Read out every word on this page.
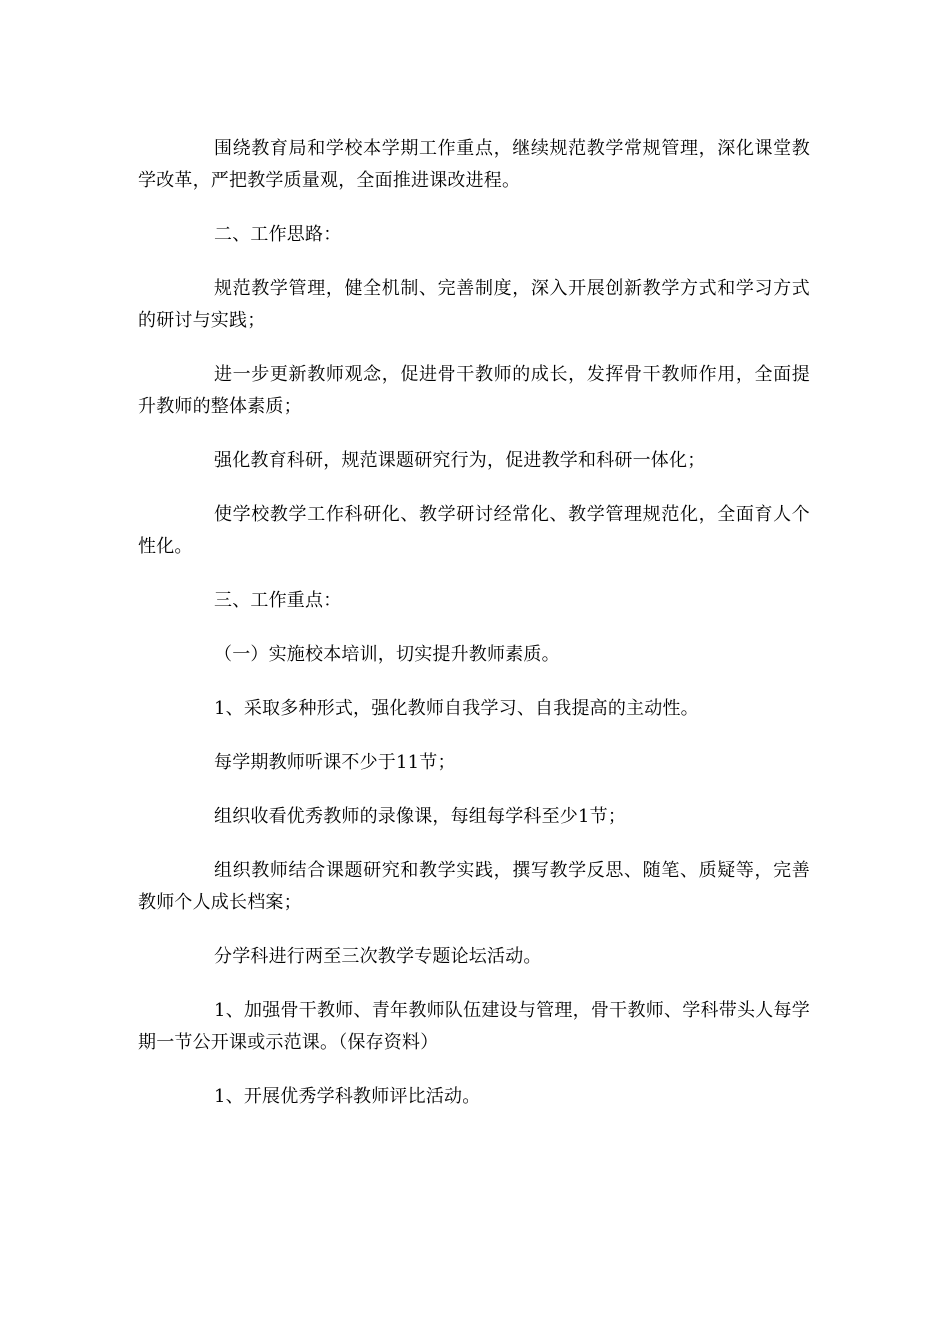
围绕教育局和学校本学期工作重点，继续规范教学常规管理，深化课堂教学改革，严把教学质量观，全面推进课改进程。

二、工作思路：

规范教学管理，健全机制、完善制度，深入开展创新教学方式和学习方式的研讨与实践；

进一步更新教师观念，促进骨干教师的成长，发挥骨干教师作用，全面提升教师的整体素质；

强化教育科研，规范课题研究行为，促进教学和科研一体化；

使学校教学工作科研化、教学研讨经常化、教学管理规范化，全面育人个性化。

三、工作重点：

（一）实施校本培训，切实提升教师素质。

1、采取多种形式，强化教师自我学习、自我提高的主动性。

每学期教师听课不少于11节；

组织收看优秀教师的录像课，每组每学科至少1节；

组织教师结合课题研究和教学实践，撰写教学反思、随笔、质疑等，完善教师个人成长档案；

分学科进行两至三次教学专题论坛活动。

1、加强骨干教师、青年教师队伍建设与管理，骨干教师、学科带头人每学期一节公开课或示范课。（保存资料）

1、开展优秀学科教师评比活动。
